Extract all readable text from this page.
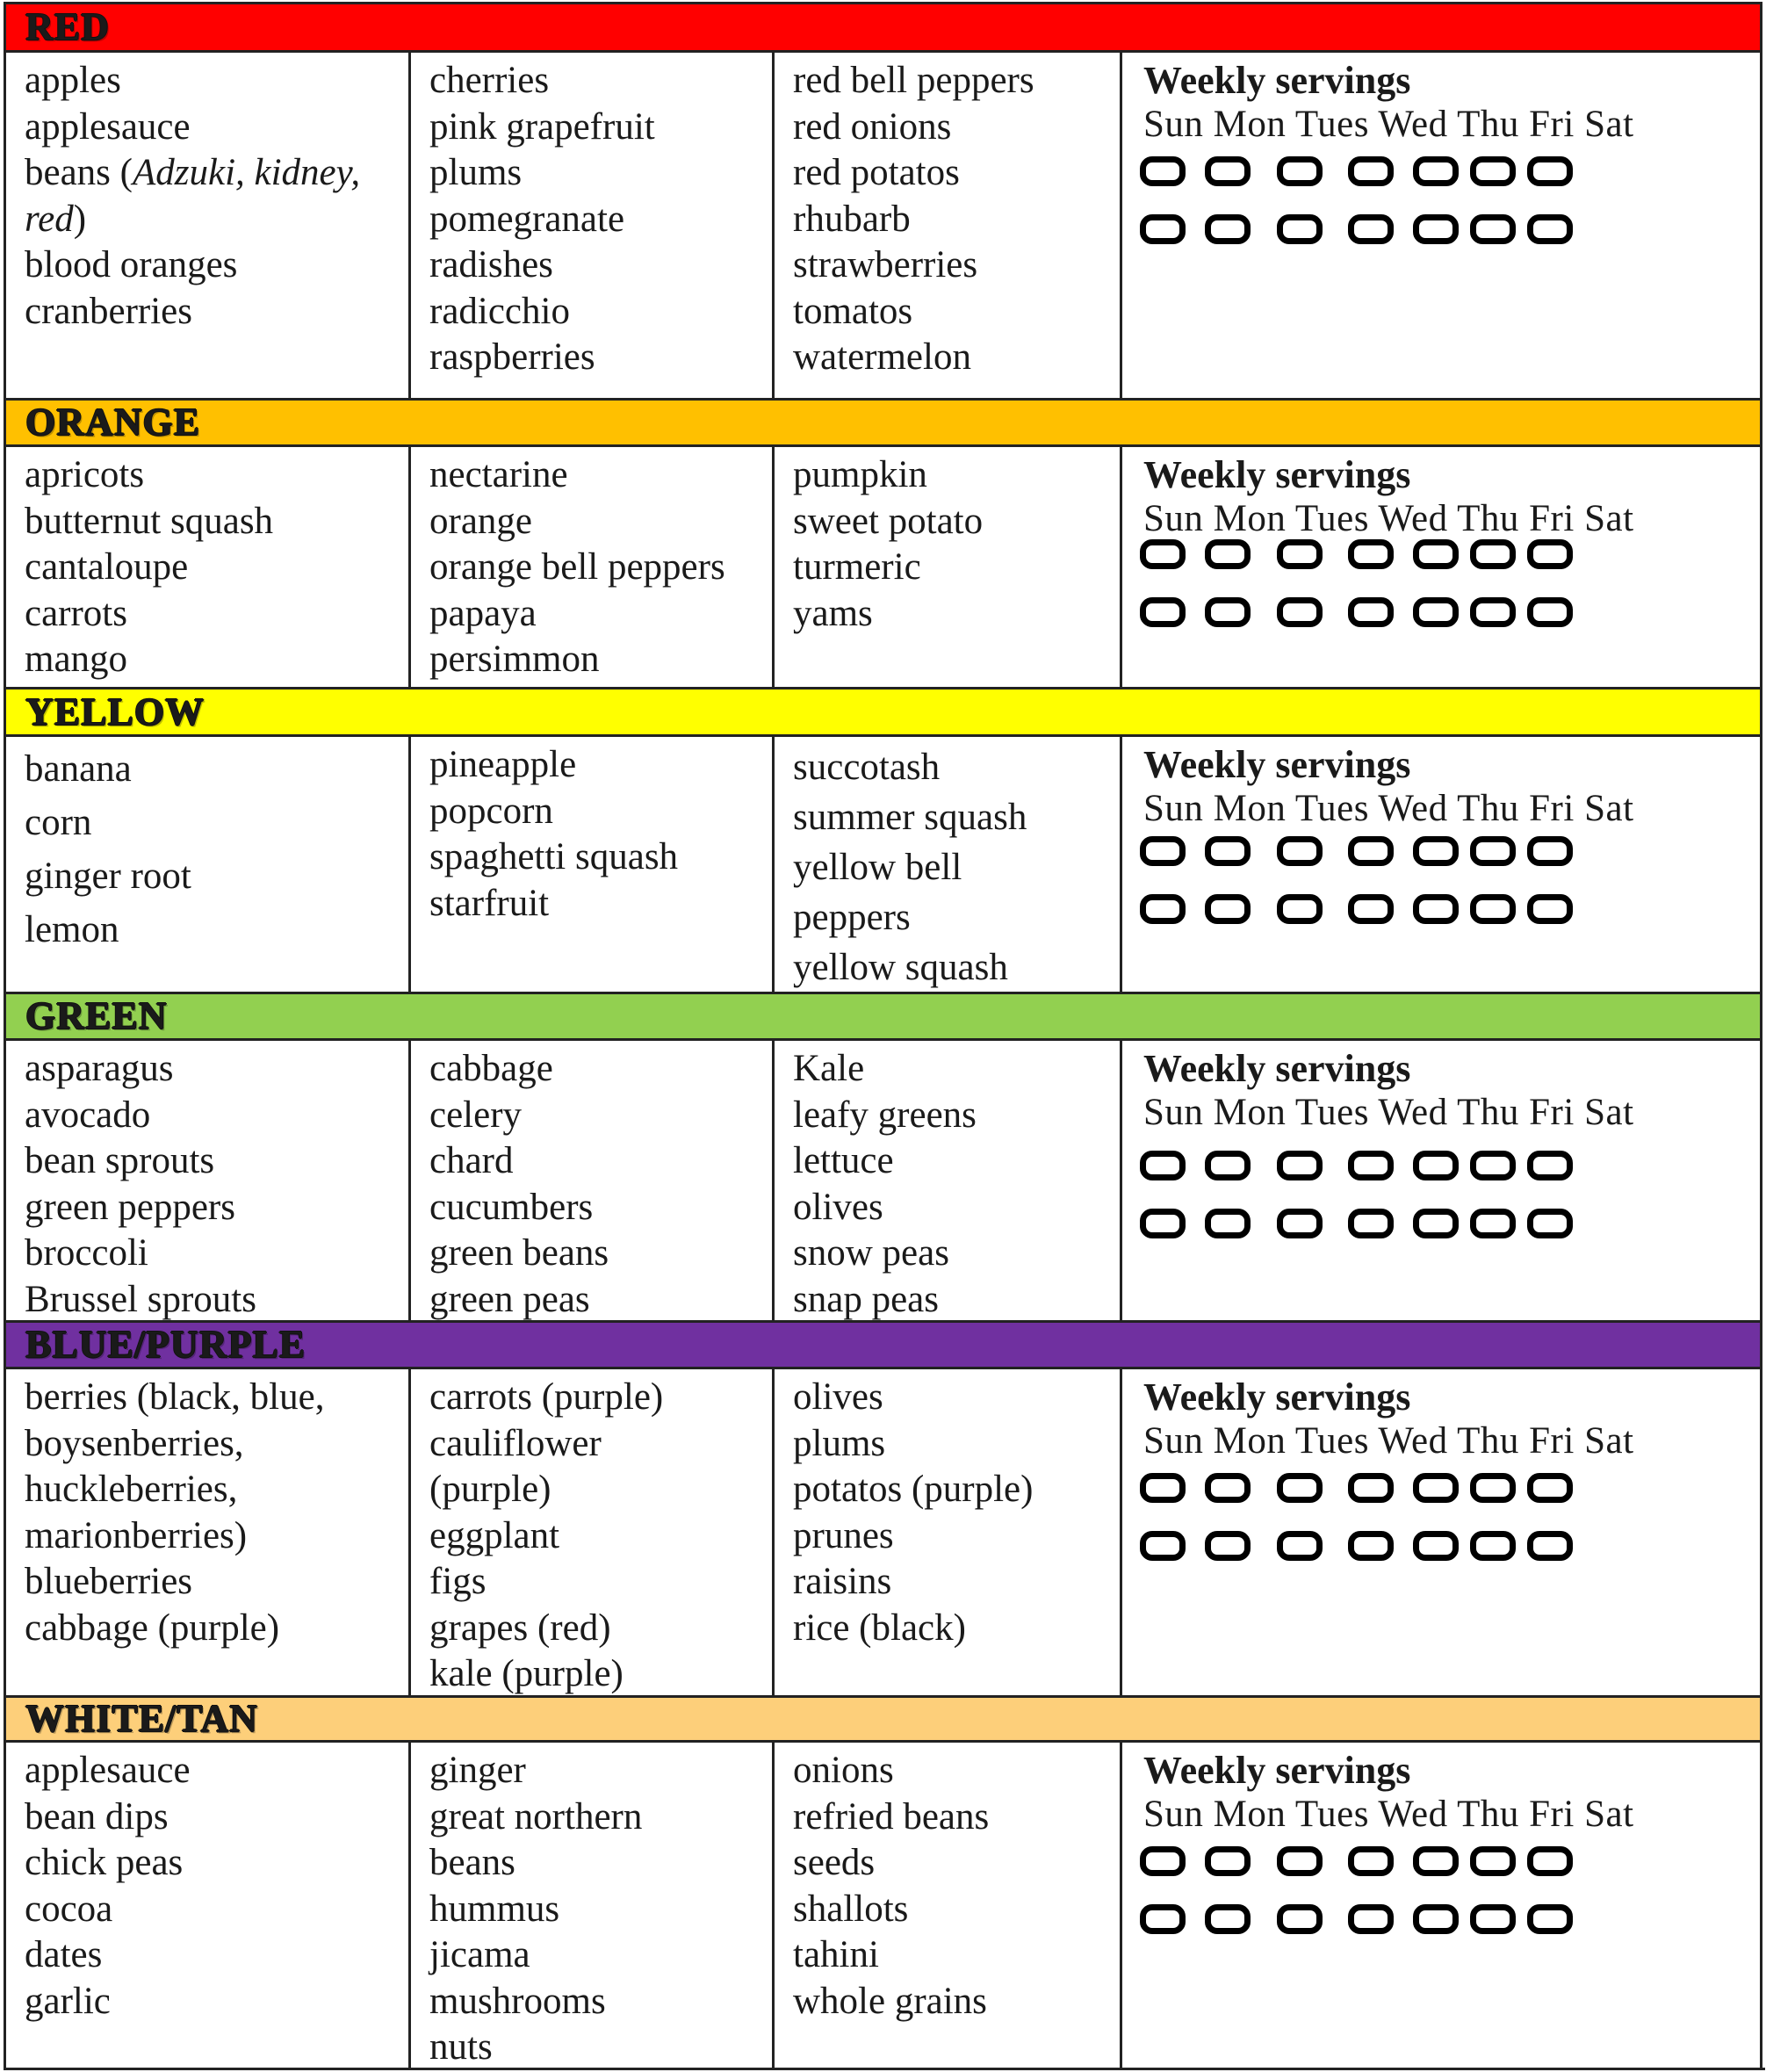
RED
apples
applesauce
beans (Adzuki, kidney,
red)
blood oranges
cranberries
cherries
pink grapefruit
plums
pomegranate
radishes
radicchio
raspberries
red bell peppers
red onions
red potatos
rhubarb
strawberries
tomatos
watermelon
Weekly servings
Sun Mon Tues Wed Thu Fri Sat
ORANGE
apricots
butternut squash
cantaloupe
carrots
mango
nectarine
orange
orange bell peppers
papaya
persimmon
pumpkin
sweet potato
turmeric
yams
Weekly servings
Sun Mon Tues Wed Thu Fri Sat
YELLOW
banana
corn
ginger root
lemon
pineapple
popcorn
spaghetti squash
starfruit
succotash
summer squash
yellow bell
peppers
yellow squash
Weekly servings
Sun Mon Tues Wed Thu Fri Sat
GREEN
asparagus
avocado
bean sprouts
green peppers
broccoli
Brussel sprouts
cabbage
celery
chard
cucumbers
green beans
green peas
Kale
leafy greens
lettuce
olives
snow peas
snap peas
Weekly servings
Sun Mon Tues Wed Thu Fri Sat
BLUE/PURPLE
berries (black, blue,
boysenberries,
huckleberries,
marionberries)
blueberries
cabbage (purple)
carrots (purple)
cauliflower
(purple)
eggplant
figs
grapes (red)
kale (purple)
olives
plums
potatos (purple)
prunes
raisins
rice (black)
Weekly servings
Sun Mon Tues Wed Thu Fri Sat
WHITE/TAN
applesauce
bean dips
chick peas
cocoa
dates
garlic
ginger
great northern
beans
hummus
jicama
mushrooms
nuts
onions
refried beans
seeds
shallots
tahini
whole grains
Weekly servings
Sun Mon Tues Wed Thu Fri Sat
